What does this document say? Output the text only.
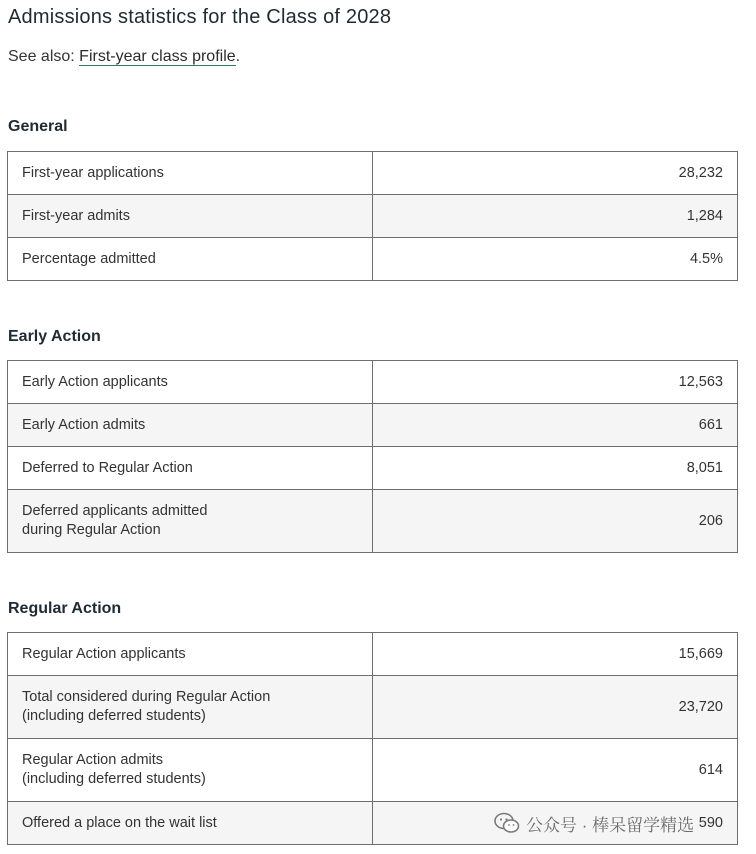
Admissions statistics for the Class of 2028
See also: First-year class profile.
General
First-year applications	28,232
First-year admits	1,284
Percentage admitted	4.5%
Early Action
Early Action applicants	12,563
Early Action admits	661
Deferred to Regular Action	8,051
Deferred applicants admitted
during Regular Action	206
Regular Action
Regular Action applicants	15,669
Total considered during Regular Action
(including deferred students)	23,720
Regular Action admits
(including deferred students)	614
Offered a place on the wait list	590
公众号 · 棒呆留学精选
